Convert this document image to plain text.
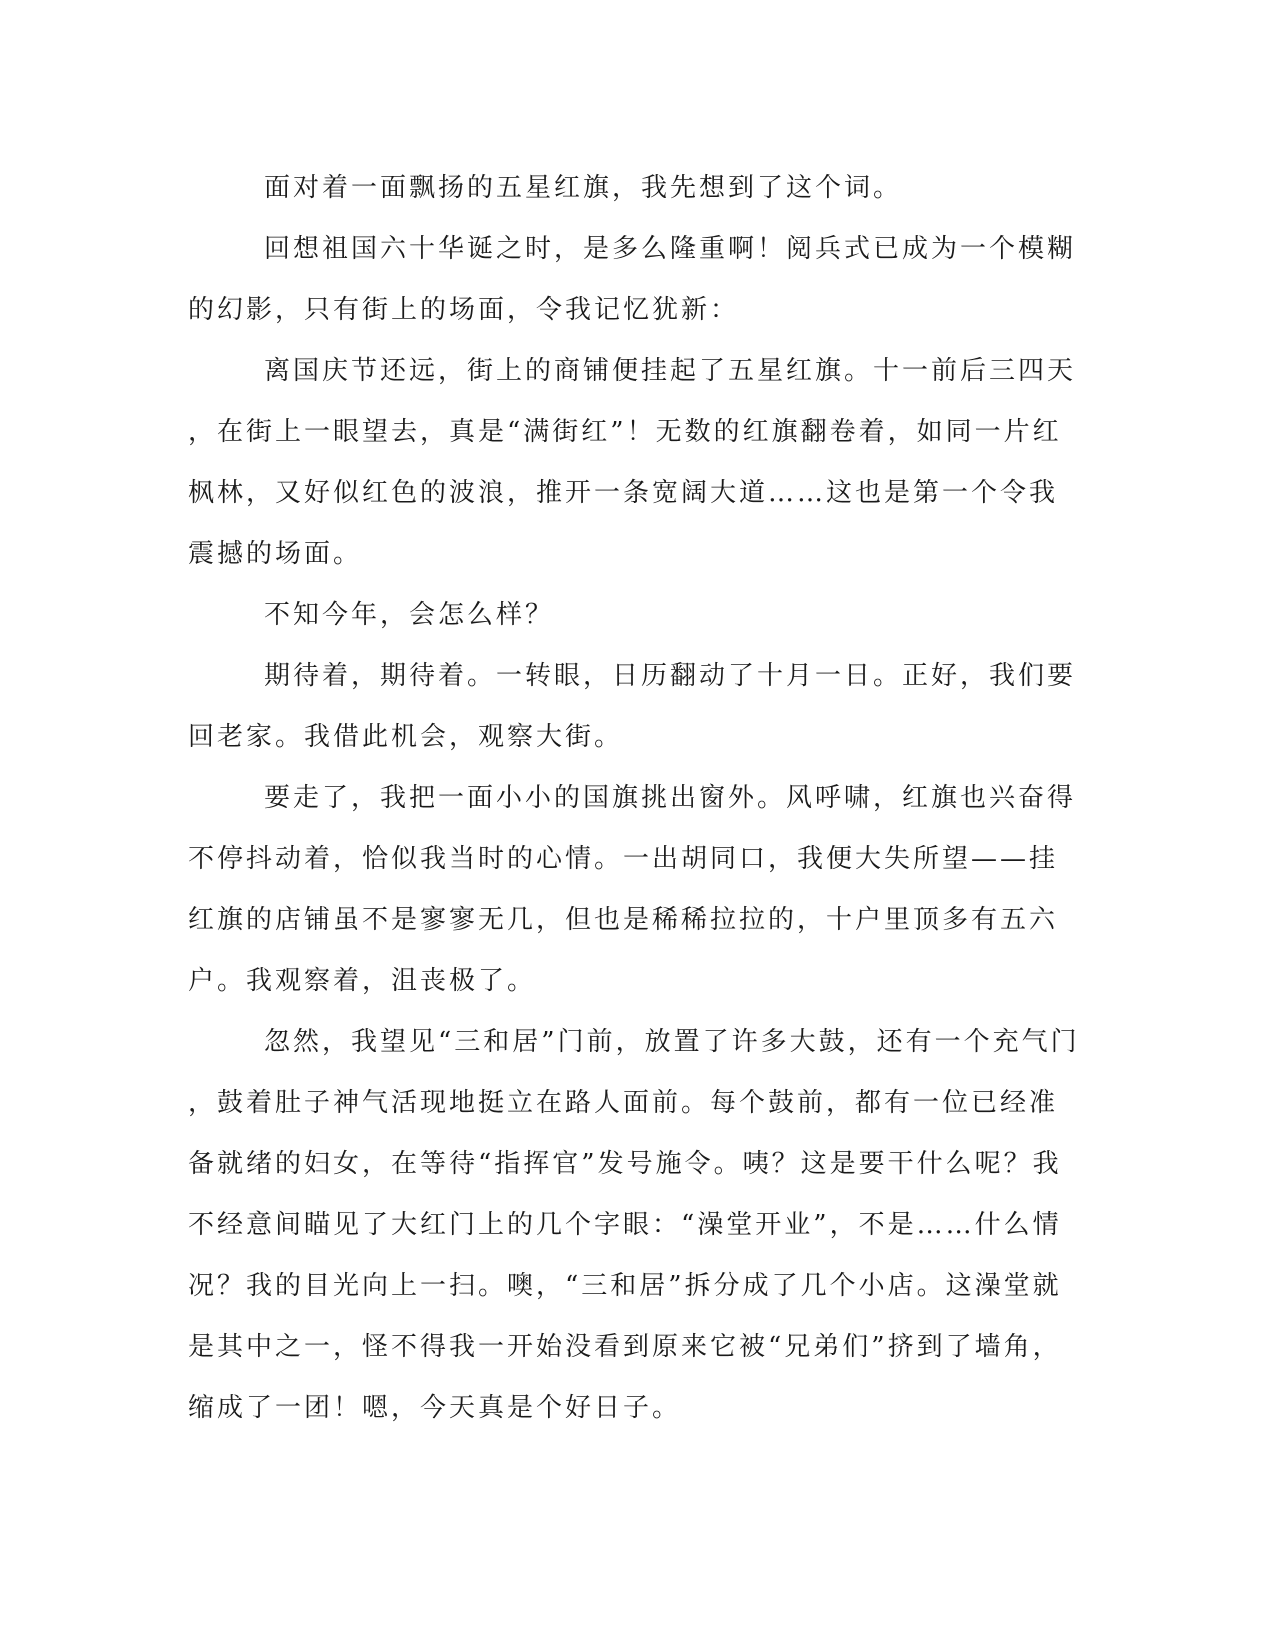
面对着一面飘扬的五星红旗，我先想到了这个词。

回想祖国六十华诞之时，是多么隆重啊！阅兵式已成为一个模糊
的幻影，只有街上的场面，令我记忆犹新：

离国庆节还远，街上的商铺便挂起了五星红旗。十一前后三四天
，在街上一眼望去，真是“满街红”！无数的红旗翻卷着，如同一片红
枫林，又好似红色的波浪，推开一条宽阔大道……这也是第一个令我
震撼的场面。

不知今年，会怎么样？

期待着，期待着。一转眼，日历翻动了十月一日。正好，我们要
回老家。我借此机会，观察大街。

要走了，我把一面小小的国旗挑出窗外。风呼啸，红旗也兴奋得
不停抖动着，恰似我当时的心情。一出胡同口，我便大失所望——挂
红旗的店铺虽不是寥寥无几，但也是稀稀拉拉的，十户里顶多有五六
户。我观察着，沮丧极了。

忽然，我望见“三和居”门前，放置了许多大鼓，还有一个充气门
，鼓着肚子神气活现地挺立在路人面前。每个鼓前，都有一位已经准
备就绪的妇女，在等待“指挥官”发号施令。咦？这是要干什么呢？我
不经意间瞄见了大红门上的几个字眼：“澡堂开业”，不是……什么情
况？我的目光向上一扫。噢，“三和居”拆分成了几个小店。这澡堂就
是其中之一，怪不得我一开始没看到原来它被“兄弟们”挤到了墙角，
缩成了一团！嗯，今天真是个好日子。
